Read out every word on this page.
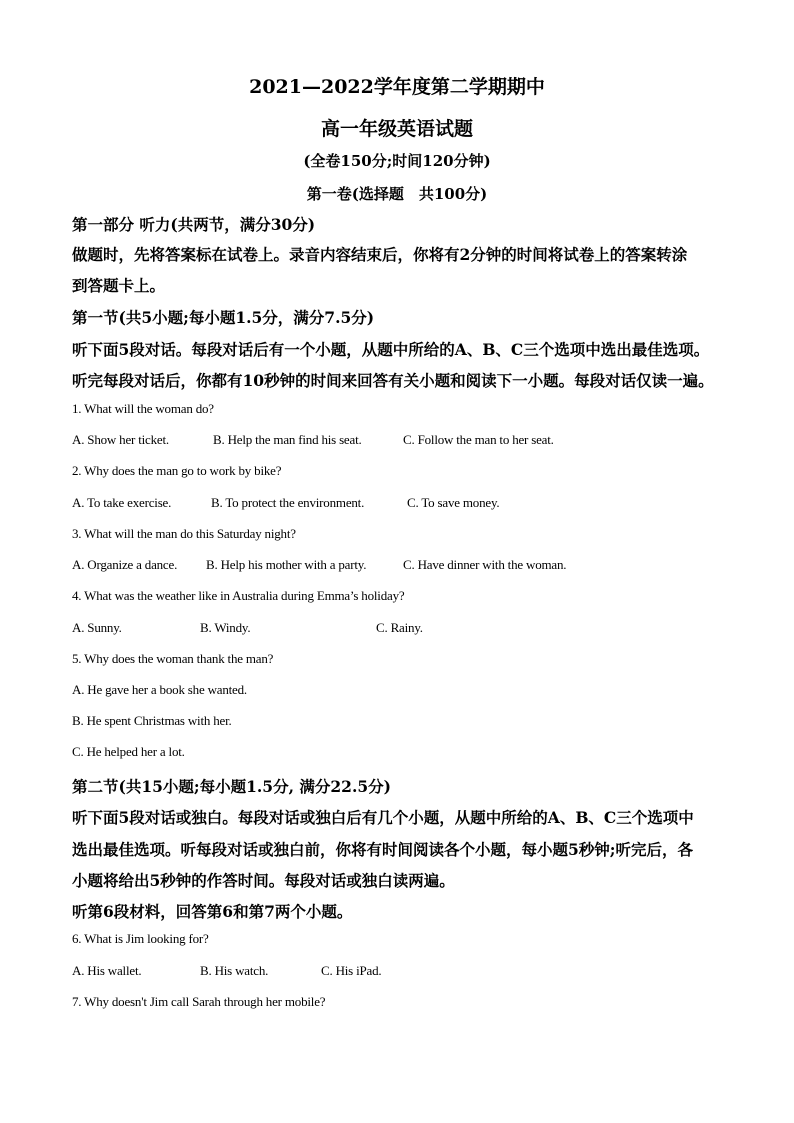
2021—2022学年度第二学期期中
高一年级英语试题
(全卷150分;时间120分钟)
第一卷(选择题　共100分)
第一部分 听力(共两节，满分30分)
做题时，先将答案标在试卷上。录音内容结束后，你将有2分钟的时间将试卷上的答案转涂
到答题卡上。
第一节(共5小题;每小题1.5分，满分7.5分)
听下面5段对话。每段对话后有一个小题，从题中所给的A、B、C三个选项中选出最佳选项。
听完每段对话后，你都有10秒钟的时间来回答有关小题和阅读下一小题。每段对话仅读一遍。
1. What will the woman do?
A. Show her ticket.	B. Help the man find his seat.	C. Follow the man to her seat.
2. Why does the man go to work by bike?
A. To take exercise.	B. To protect the environment.	C. To save money.
3. What will the man do this Saturday night?
A. Organize a dance. B. Help his mother with a party.	C. Have dinner with the woman.
4. What was the weather like in Australia during Emma’s holiday?
A. Sunny.	B. Windy.	C. Rainy.
5. Why does the woman thank the man?
A. He gave her a book she wanted.
B. He spent Christmas with her.
C. He helped her a lot.
第二节(共15小题;每小题1.5分, 满分22.5分)
听下面5段对话或独白。每段对话或独白后有几个小题，从题中所给的A、B、C三个选项中
选出最佳选项。听每段对话或独白前，你将有时间阅读各个小题，每小题5秒钟;听完后，各
小题将给出5秒钟的作答时间。每段对话或独白读两遍。
听第6段材料，回答第6和第7两个小题。
6. What is Jim looking for?
A. His wallet.	B. His watch.	C. His iPad.
7. Why doesn't Jim call Sarah through her mobile?
